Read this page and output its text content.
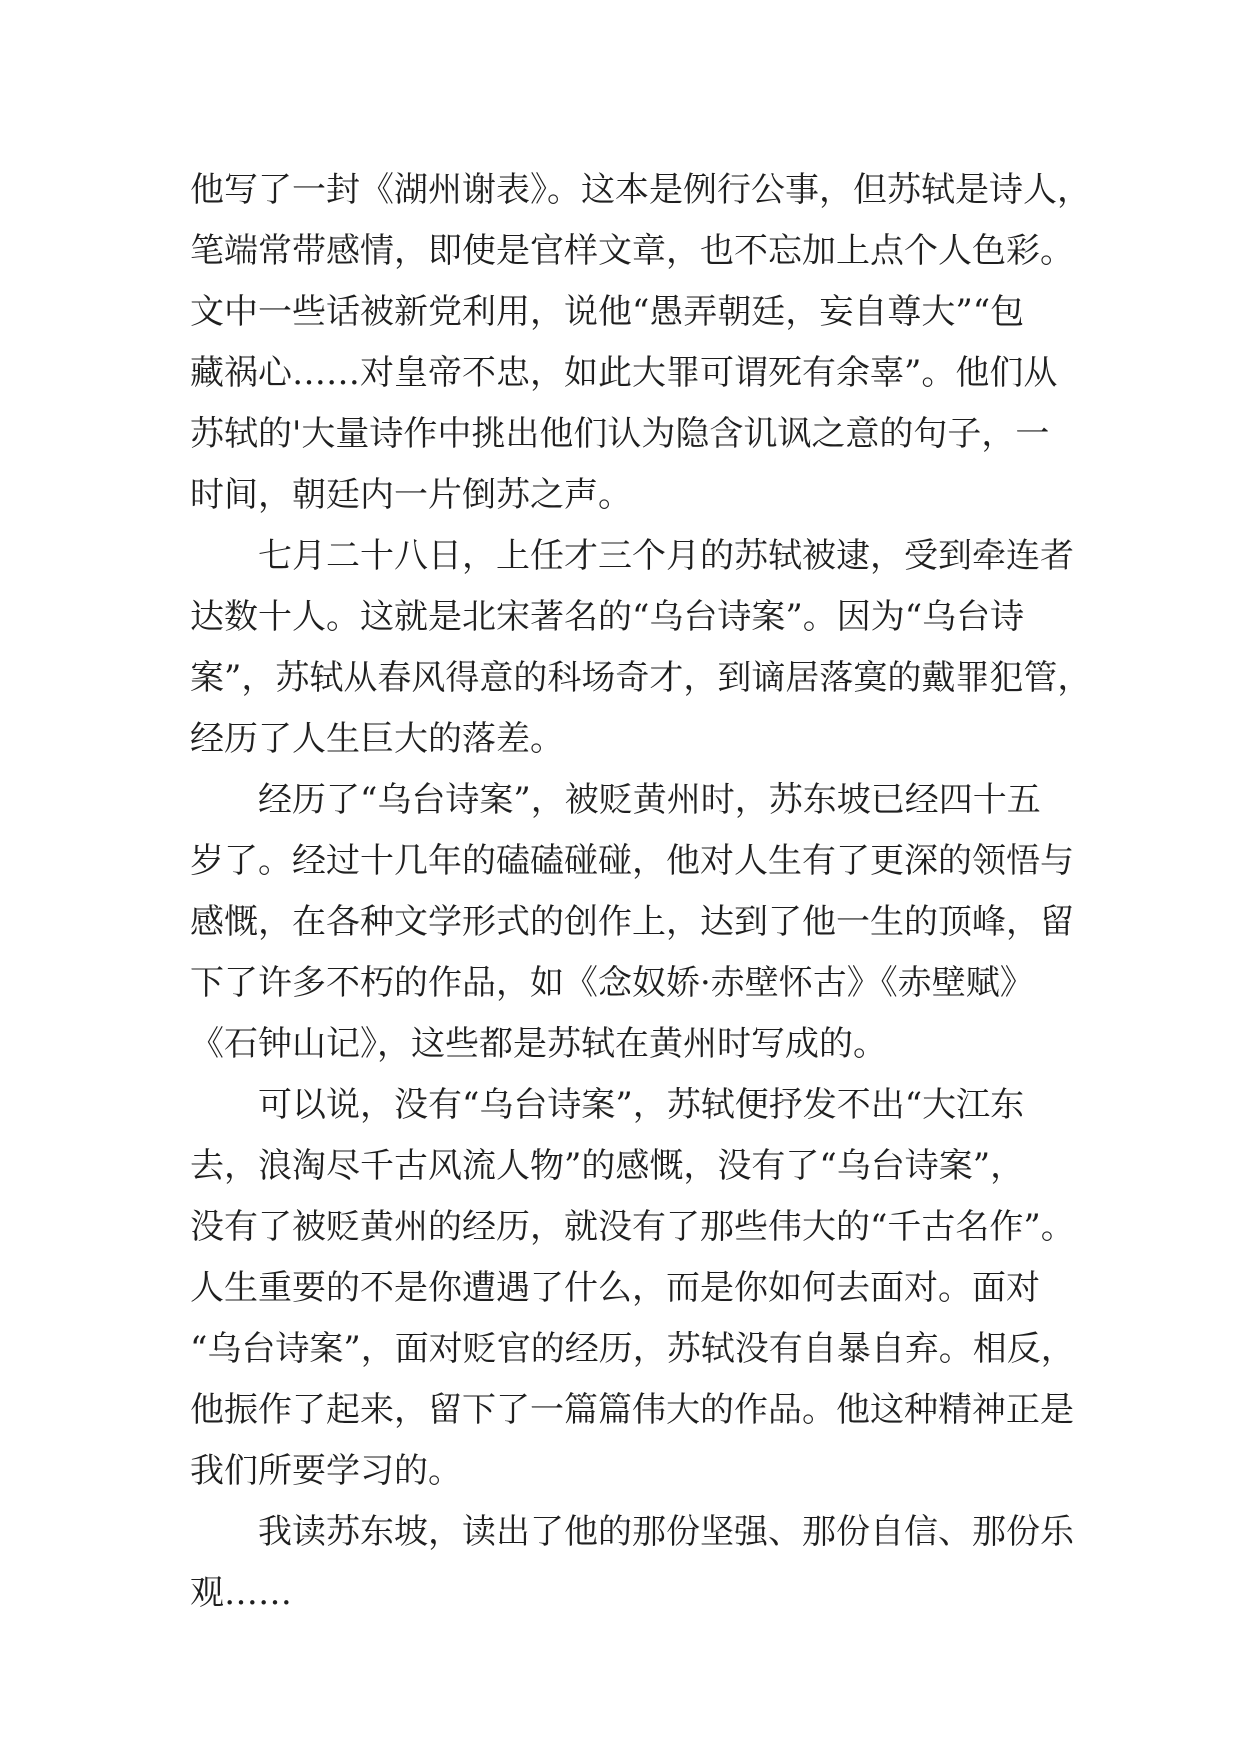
他写了一封《湖州谢表》。这本是例行公事，但苏轼是诗人，
笔端常带感情，即使是官样文章，也不忘加上点个人色彩。
文中一些话被新党利用，说他“愚弄朝廷，妄自尊大”“包
藏祸心……对皇帝不忠，如此大罪可谓死有余辜”。他们从
苏轼的'大量诗作中挑出他们认为隐含讥讽之意的句子，一
时间，朝廷内一片倒苏之声。
七月二十八日，上任才三个月的苏轼被逮，受到牵连者
达数十人。这就是北宋著名的“乌台诗案”。因为“乌台诗
案”，苏轼从春风得意的科场奇才，到谪居落寞的戴罪犯管，
经历了人生巨大的落差。
经历了“乌台诗案”，被贬黄州时，苏东坡已经四十五
岁了。经过十几年的磕磕碰碰，他对人生有了更深的领悟与
感慨，在各种文学形式的创作上，达到了他一生的顶峰，留
下了许多不朽的作品，如《念奴娇·赤壁怀古》《赤壁赋》
《石钟山记》，这些都是苏轼在黄州时写成的。
可以说，没有“乌台诗案”，苏轼便抒发不出“大江东
去，浪淘尽千古风流人物”的感慨，没有了“乌台诗案”，
没有了被贬黄州的经历，就没有了那些伟大的“千古名作”。
人生重要的不是你遭遇了什么，而是你如何去面对。面对
“乌台诗案”，面对贬官的经历，苏轼没有自暴自弃。相反，
他振作了起来，留下了一篇篇伟大的作品。他这种精神正是
我们所要学习的。
我读苏东坡，读出了他的那份坚强、那份自信、那份乐
观……
